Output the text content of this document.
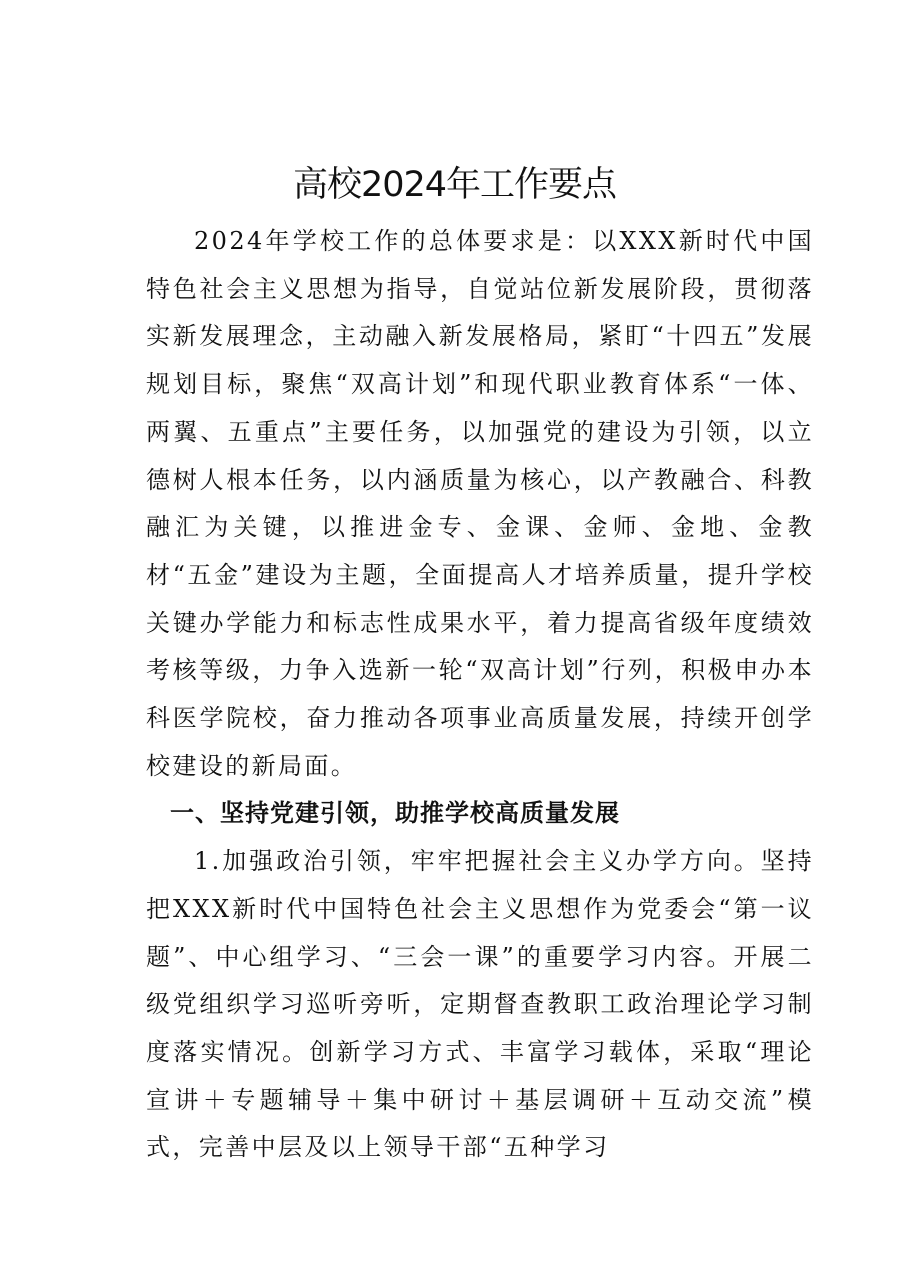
高校2024年工作要点

2024年学校工作的总体要求是：以XXX新时代中国特色社会主义思想为指导，自觉站位新发展阶段，贯彻落实新发展理念，主动融入新发展格局，紧盯“十四五”发展规划目标，聚焦“双高计划”和现代职业教育体系“一体、两翼、五重点”主要任务，以加强党的建设为引领，以立德树人根本任务，以内涵质量为核心，以产教融合、科教融汇为关键，以推进金专、金课、金师、金地、金教材“五金”建设为主题，全面提高人才培养质量，提升学校关键办学能力和标志性成果水平，着力提高省级年度绩效考核等级，力争入选新一轮“双高计划”行列，积极申办本科医学院校，奋力推动各项事业高质量发展，持续开创学校建设的新局面。

一、坚持党建引领，助推学校高质量发展

1.加强政治引领，牢牢把握社会主义办学方向。坚持把XXX新时代中国特色社会主义思想作为党委会“第一议题”、中心组学习、“三会一课”的重要学习内容。开展二级党组织学习巡听旁听，定期督查教职工政治理论学习制度落实情况。创新学习方式、丰富学习载体，采取“理论宣讲＋专题辅导＋集中研讨＋基层调研＋互动交流”模式，完善中层及以上领导干部“五种学习
